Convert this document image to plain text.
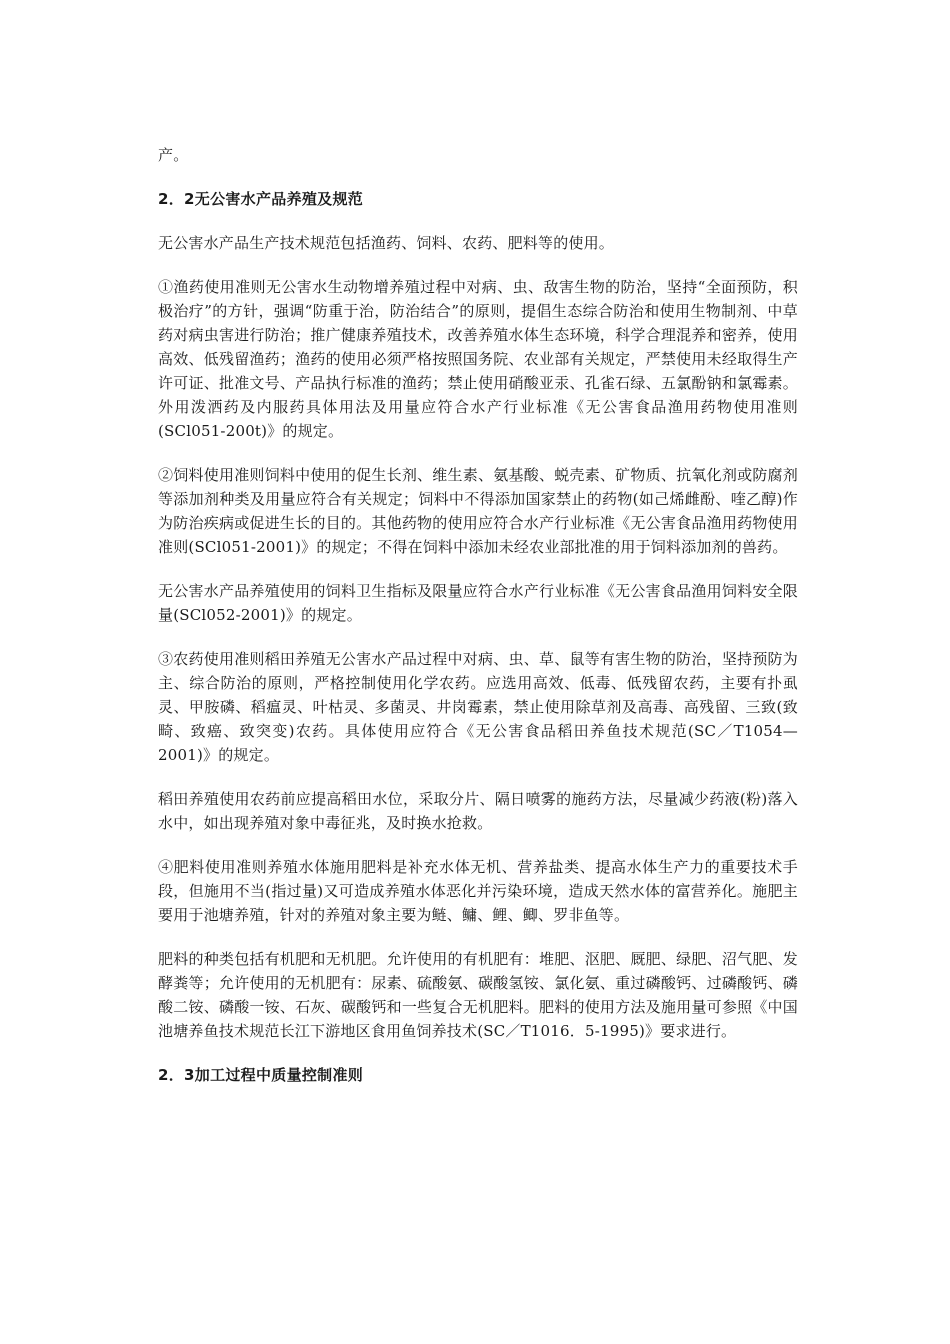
产。

2．2无公害水产品养殖及规范

无公害水产品生产技术规范包括渔药、饲料、农药、肥料等的使用。

①渔药使用准则无公害水生动物增养殖过程中对病、虫、敌害生物的防治，坚持“全面预防，积极治疗”的方针，强调“防重于治，防治结合”的原则，提倡生态综合防治和使用生物制剂、中草药对病虫害进行防治；推广健康养殖技术，改善养殖水体生态环境，科学合理混养和密养，使用高效、低残留渔药；渔药的使用必须严格按照国务院、农业部有关规定，严禁使用未经取得生产许可证、批准文号、产品执行标准的渔药；禁止使用硝酸亚汞、孔雀石绿、五氯酚钠和氯霉素。外用泼洒药及内服药具体用法及用量应符合水产行业标准《无公害食品渔用药物使用准则(SCl051-200t)》的规定。

②饲料使用准则饲料中使用的促生长剂、维生素、氨基酸、蜕壳素、矿物质、抗氧化剂或防腐剂等添加剂种类及用量应符合有关规定；饲料中不得添加国家禁止的药物(如己烯雌酚、喹乙醇)作为防治疾病或促进生长的目的。其他药物的使用应符合水产行业标准《无公害食品渔用药物使用准则(SCl051-2001)》的规定；不得在饲料中添加未经农业部批准的用于饲料添加剂的兽药。

无公害水产品养殖使用的饲料卫生指标及限量应符合水产行业标准《无公害食品渔用饲料安全限量(SCl052-2001)》的规定。

③农药使用准则稻田养殖无公害水产品过程中对病、虫、草、鼠等有害生物的防治，坚持预防为主、综合防治的原则，严格控制使用化学农药。应选用高效、低毒、低残留农药，主要有扑虱灵、甲胺磷、稻瘟灵、叶枯灵、多菌灵、井岗霉素，禁止使用除草剂及高毒、高残留、三致(致畸、致癌、致突变)农药。具体使用应符合《无公害食品稻田养鱼技术规范(SC／T1054—2001)》的规定。

稻田养殖使用农药前应提高稻田水位，采取分片、隔日喷雾的施药方法，尽量减少药液(粉)落入水中，如出现养殖对象中毒征兆，及时换水抢救。

④肥料使用准则养殖水体施用肥料是补充水体无机、营养盐类、提高水体生产力的重要技术手段，但施用不当(指过量)又可造成养殖水体恶化并污染环境，造成天然水体的富营养化。施肥主要用于池塘养殖，针对的养殖对象主要为鲢、鳙、鲤、鲫、罗非鱼等。

肥料的种类包括有机肥和无机肥。允许使用的有机肥有：堆肥、沤肥、厩肥、绿肥、沼气肥、发酵粪等；允许使用的无机肥有：尿素、硫酸氨、碳酸氢铵、氯化氨、重过磷酸钙、过磷酸钙、磷酸二铵、磷酸一铵、石灰、碳酸钙和一些复合无机肥料。肥料的使用方法及施用量可参照《中国池塘养鱼技术规范长江下游地区食用鱼饲养技术(SC／T1016．5-1995)》要求进行。

2．3加工过程中质量控制准则
